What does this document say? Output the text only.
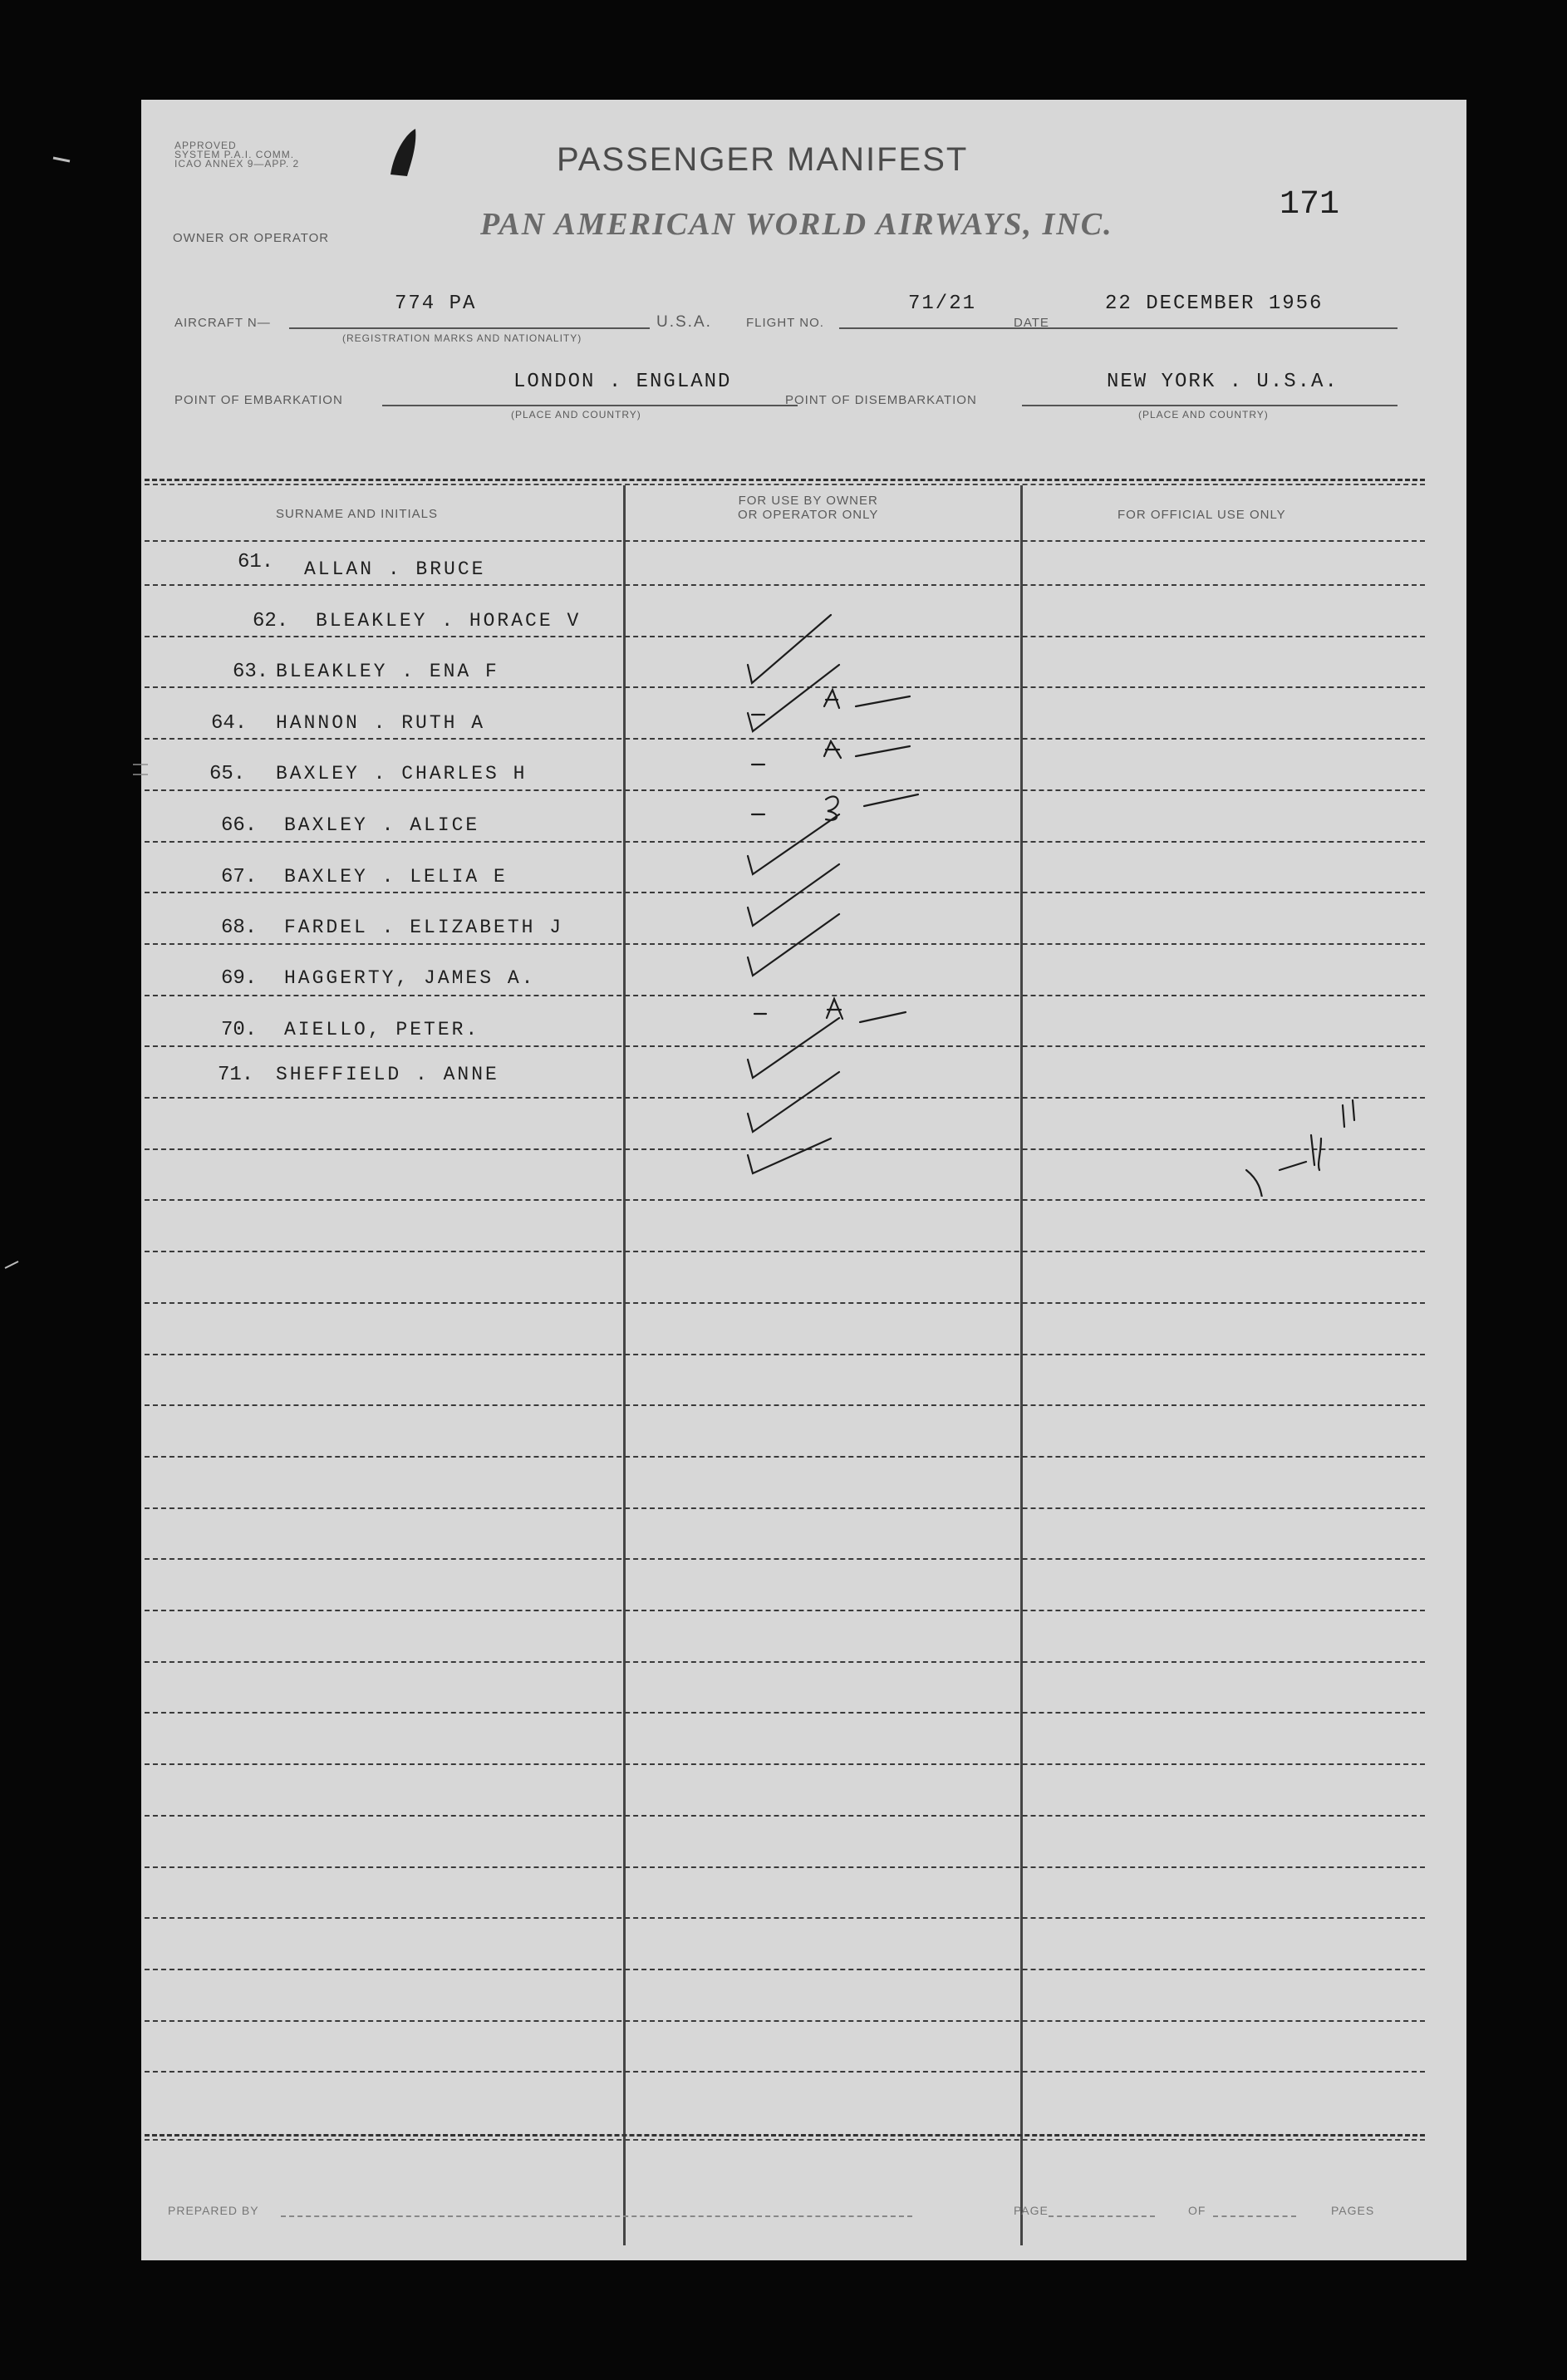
APPROVED
SYSTEM P.A.I. COMM.
ICAO ANNEX 9—APP. 2	PASSENGER MANIFEST
OWNER OR OPERATOR	PAN AMERICAN WORLD AIRWAYS, INC.
171
AIRCRAFT N—
774 PA
(REGISTRATION MARKS AND NATIONALITY)
U.S.A.	FLIGHT NO.
71/21
DATE
22 DECEMBER 1956
POINT OF EMBARKATION
LONDON . ENGLAND
(PLACE AND COUNTRY)
POINT OF DISEMBARKATION
NEW YORK . U.S.A.
(PLACE AND COUNTRY)
SURNAME AND INITIALS
FOR USE BY OWNER
OR OPERATOR ONLY	FOR OFFICIAL USE ONLY
61. ALLAN . BRUCE
62. BLEAKLEY . HORACE V
63. BLEAKLEY . ENA F
64. HANNON . RUTH A
65. BAXLEY . CHARLES H
66. BAXLEY . ALICE
67. BAXLEY . LELIA E
68. FARDEL . ELIZABETH J
69. HAGGERTY, JAMES A.
70. AIELLO, PETER.
71. SHEFFIELD . ANNE
PREPARED BY	PAGE	OF	PAGES
